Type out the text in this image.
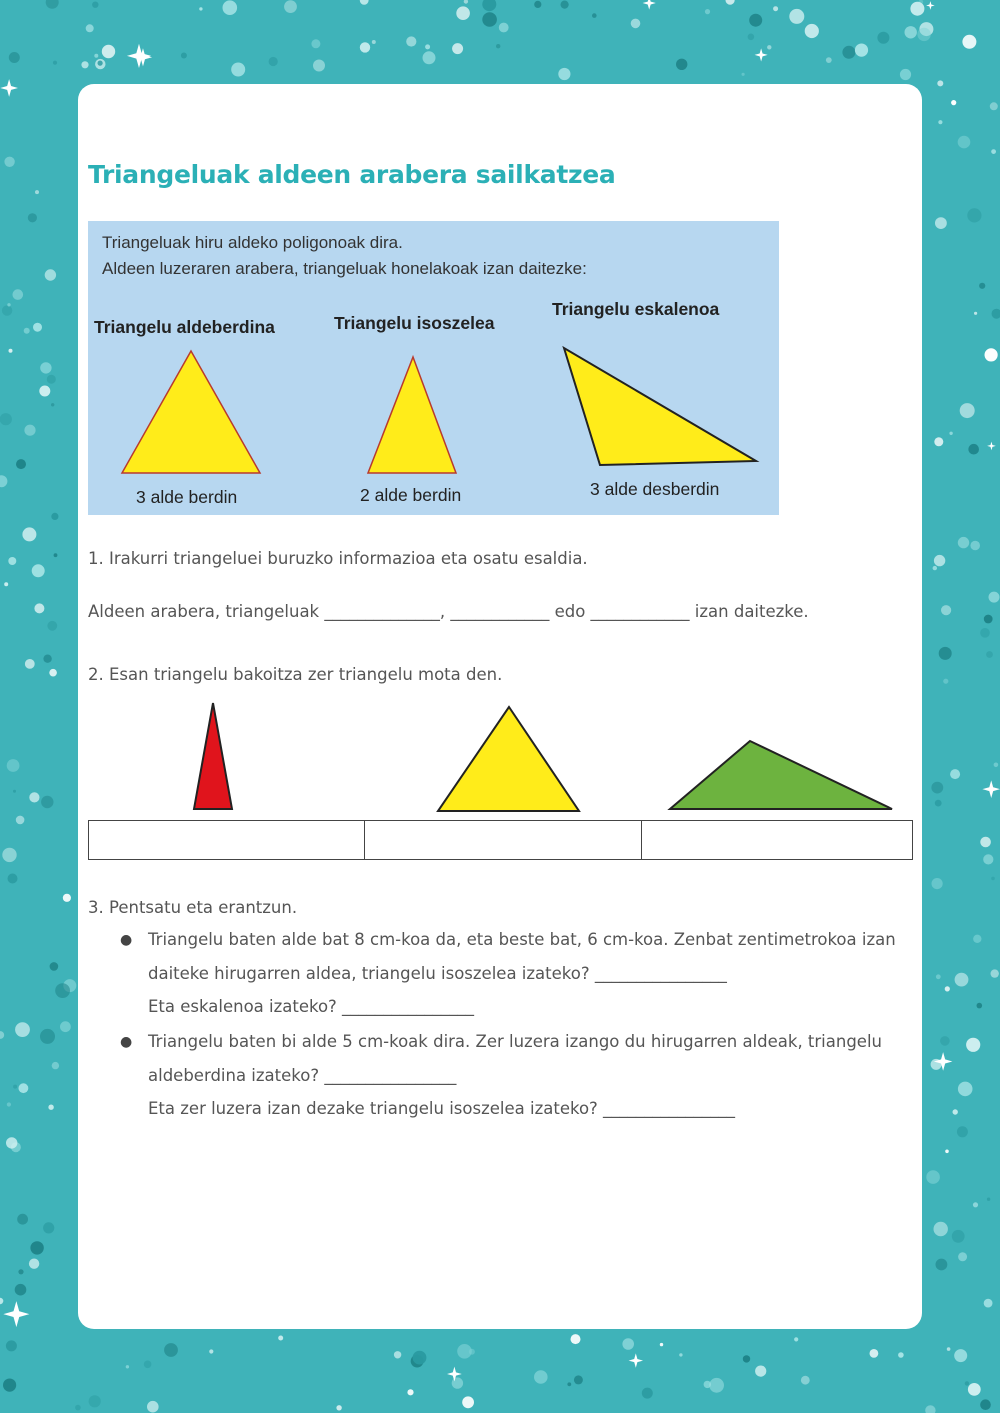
Triangeluak aldeen arabera sailkatzea
Triangeluak hiru aldeko poligonoak dira.
Aldeen luzeraren arabera, triangeluak honelakoak izan daitezke:
Triangelu aldeberdina	Triangelu isoszelea
Triangelu eskalenoa
3 alde berdin	2 alde berdin	3 alde desberdin
1. Irakurri triangeluei buruzko informazioa eta osatu esaldia.
Aldeen arabera, triangeluak ______________, ____________ edo ____________ izan daitezke.
2. Esan triangelu bakoitza zer triangelu mota den.

3. Pentsatu eta erantzun.
● Triangelu baten alde bat 8 cm-koa da, eta beste bat, 6 cm-koa. Zenbat zentimetrokoa izan
daiteke hirugarren aldea, triangelu isoszelea izateko? ________________
Eta eskalenoa izateko? ________________
● Triangelu baten bi alde 5 cm-koak dira. Zer luzera izango du hirugarren aldeak, triangelu
aldeberdina izateko? ________________
Eta zer luzera izan dezake triangelu isoszelea izateko? ________________
